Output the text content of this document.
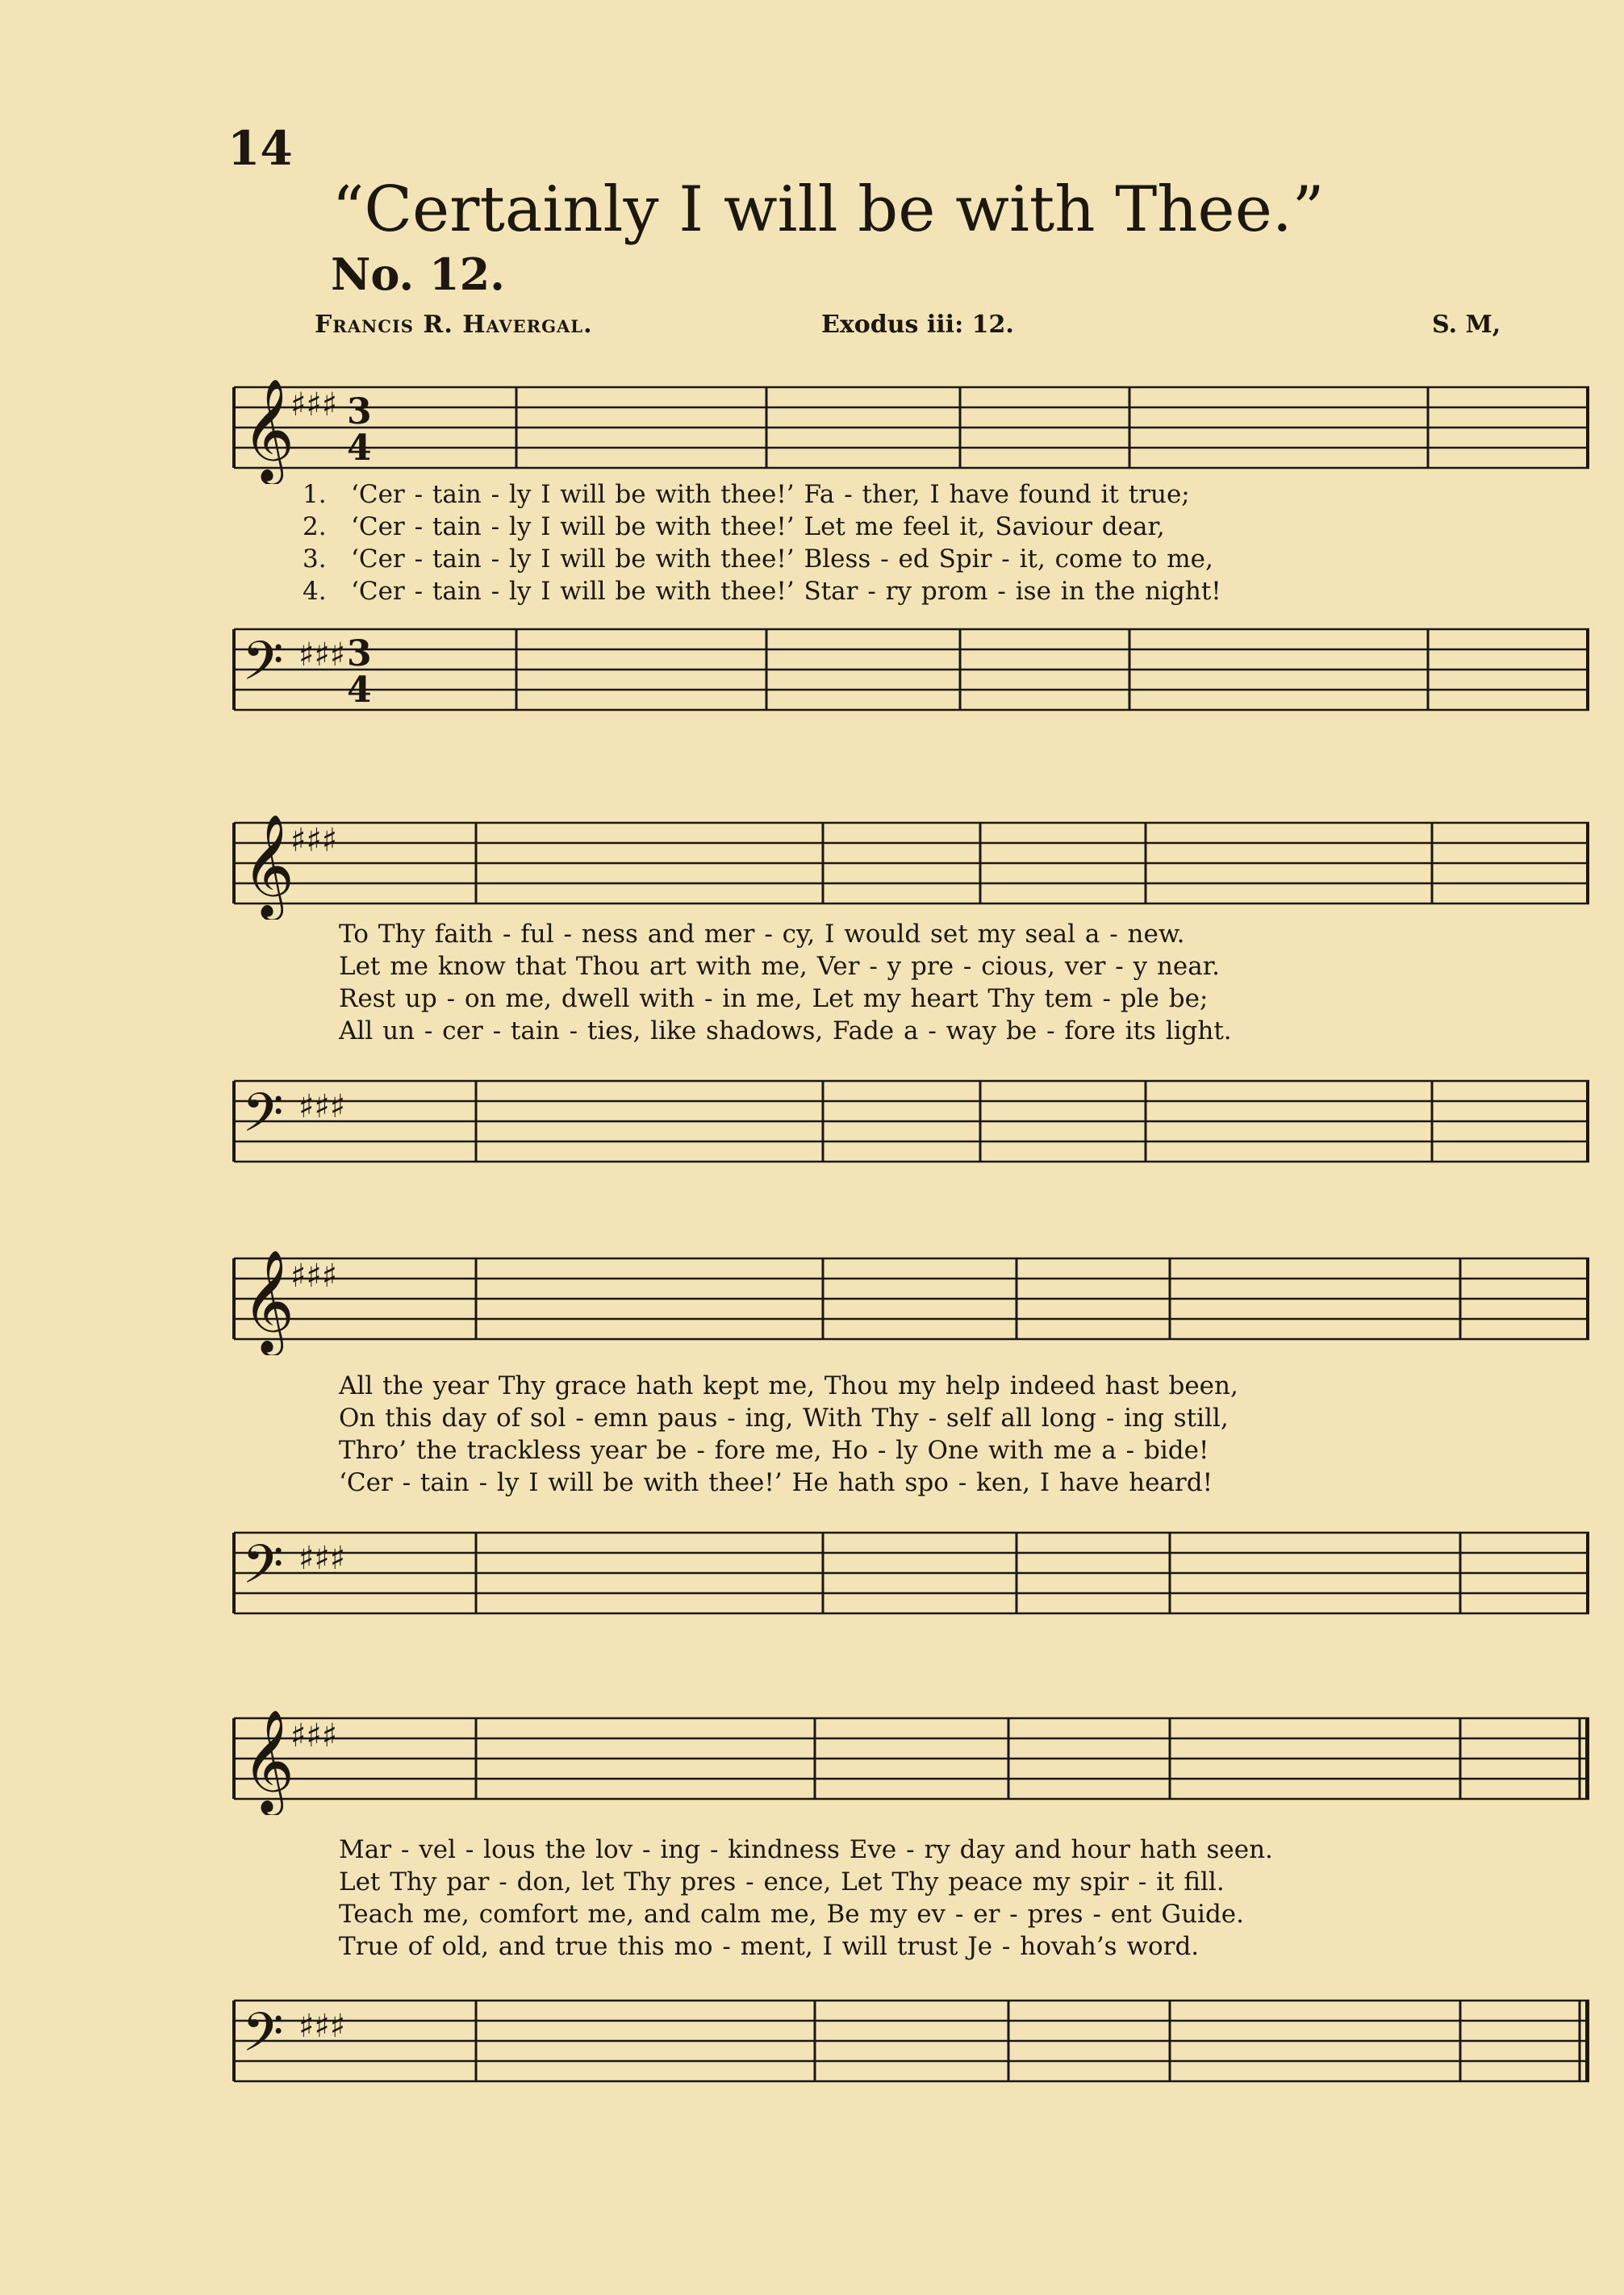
14
“Certainly I will be with Thee.”
No. 12.
Francis R. Havergal.	Exodus iii: 12.	S. M,
𝄞
♯♯♯ 3
4
1. ‘Cer - tain - ly I will be with thee!’ Fa - ther, I have found it true;
2. ‘Cer - tain - ly I will be with thee!’ Let me feel it, Saviour dear,
3. ‘Cer - tain - ly I will be with thee!’ Bless - ed Spir - it, come to me,
4. ‘Cer - tain - ly I will be with thee!’ Star - ry prom - ise in the night!
𝄢 ♯♯♯ 3
4
𝄞
♯♯♯
To Thy faith - ful - ness and mer - cy, I would set my seal a - new.
Let me know that Thou art with me, Ver - y pre - cious, ver - y near.
Rest up - on me, dwell with - in me, Let my heart Thy tem - ple be;
All un - cer - tain - ties, like shadows, Fade a - way be - fore its light.
𝄢 ♯♯♯
𝄞
♯♯♯
All the year Thy grace hath kept me, Thou my help indeed hast been,
On this day of sol - emn paus - ing, With Thy - self all long - ing still,
Thro’ the trackless year be - fore me, Ho - ly One with me a - bide!
‘Cer - tain - ly I will be with thee!’ He hath spo - ken, I have heard!
𝄢 ♯♯♯
𝄞
♯♯♯
Mar - vel - lous the lov - ing - kindness Eve - ry day and hour hath seen.
Let Thy par - don, let Thy pres - ence, Let Thy peace my spir - it fill.
Teach me, comfort me, and calm me, Be my ev - er - pres - ent Guide.
True of old, and true this mo - ment, I will trust Je - hovah’s word.
𝄢 ♯♯♯
